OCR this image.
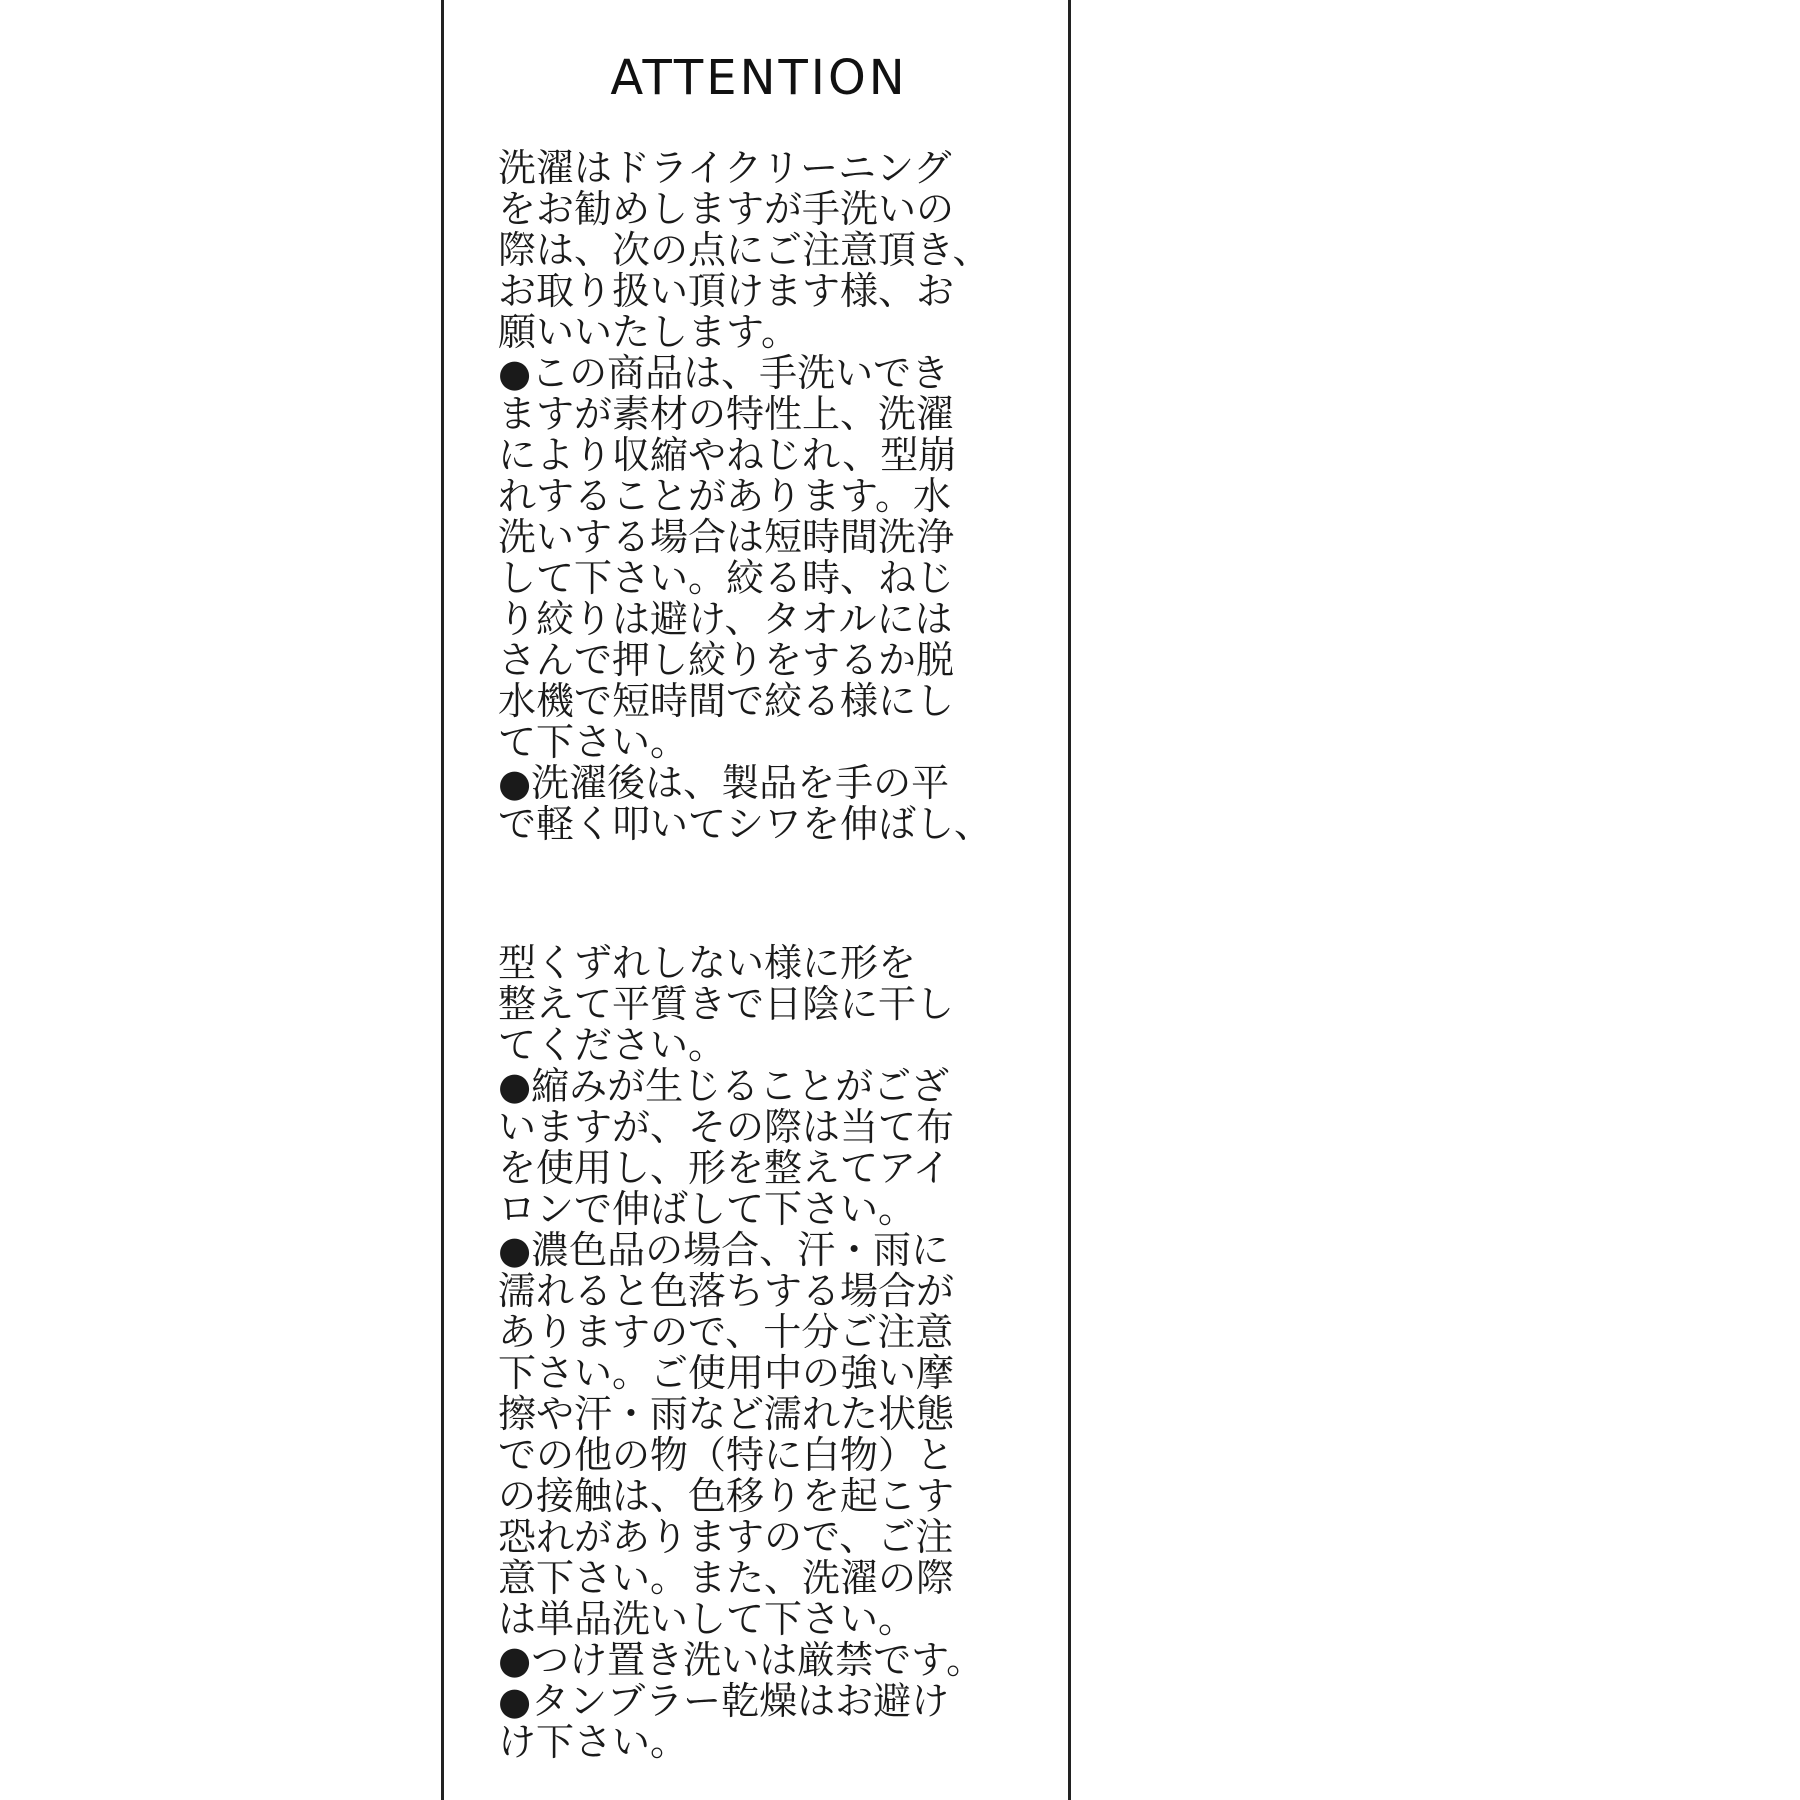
ATTENTION
洗濯はドライクリーニング
をお勧めしますが手洗いの
際は、次の点にご注意頂き、
お取り扱い頂けます様、お
願いいたします。
●この商品は、手洗いでき
ますが素材の特性上、洗濯
により収縮やねじれ、型崩
れすることがあります。水
洗いする場合は短時間洗浄
して下さい。絞る時、ねじ
り絞りは避け、タオルには
さんで押し絞りをするか脱
水機で短時間で絞る様にし
て下さい。
●洗濯後は、製品を手の平
で軽く叩いてシワを伸ばし、
型くずれしない様に形を
整えて平質きで日陰に干し
てください。
●縮みが生じることがござ
いますが、その際は当て布
を使用し、形を整えてアイ
ロンで伸ばして下さい。
●濃色品の場合、汗・雨に
濡れると色落ちする場合が
ありますので、十分ご注意
下さい。ご使用中の強い摩
擦や汗・雨など濡れた状態
での他の物（特に白物）と
の接触は、色移りを起こす
恐れがありますので、ご注
意下さい。また、洗濯の際
は単品洗いして下さい。
●つけ置き洗いは厳禁です。
●タンブラー乾燥はお避け
け下さい。
